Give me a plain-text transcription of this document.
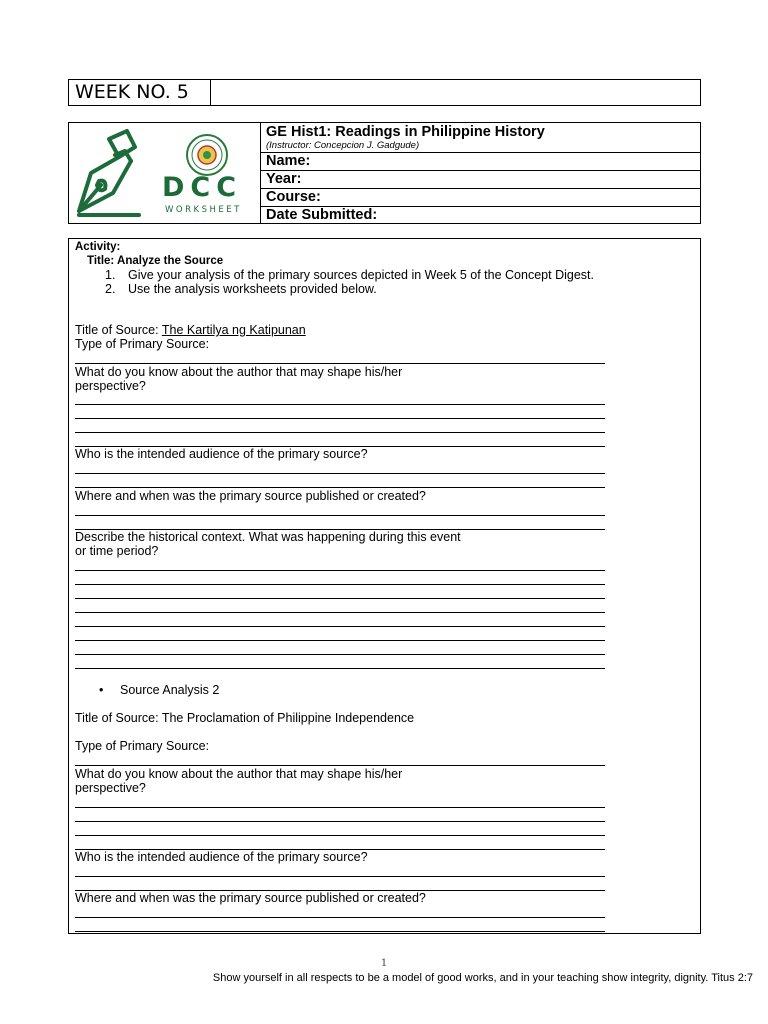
WEEK NO. 5
DCC
WORKSHEET
GE Hist1: Readings in Philippine History
(Instructor: Concepcion J. Gadgude)
Name:
Year:
Course:
Date Submitted:
Activity:
Title: Analyze the Source
1. Give your analysis of the primary sources depicted in Week 5 of the Concept Digest.
2. Use the analysis worksheets provided below.
Title of Source: The Kartilya ng Katipunan
Type of Primary Source:
What do you know about the author that may shape his/her
perspective?
Who is the intended audience of the primary source?
Where and when was the primary source published or created?
Describe the historical context. What was happening during this event
or time period?
• Source Analysis 2
Title of Source: The Proclamation of Philippine Independence
Type of Primary Source:
What do you know about the author that may shape his/her
perspective?
Who is the intended audience of the primary source?
Where and when was the primary source published or created?
1
Show yourself in all respects to be a model of good works, and in your teaching show integrity, dignity. Titus 2:7
